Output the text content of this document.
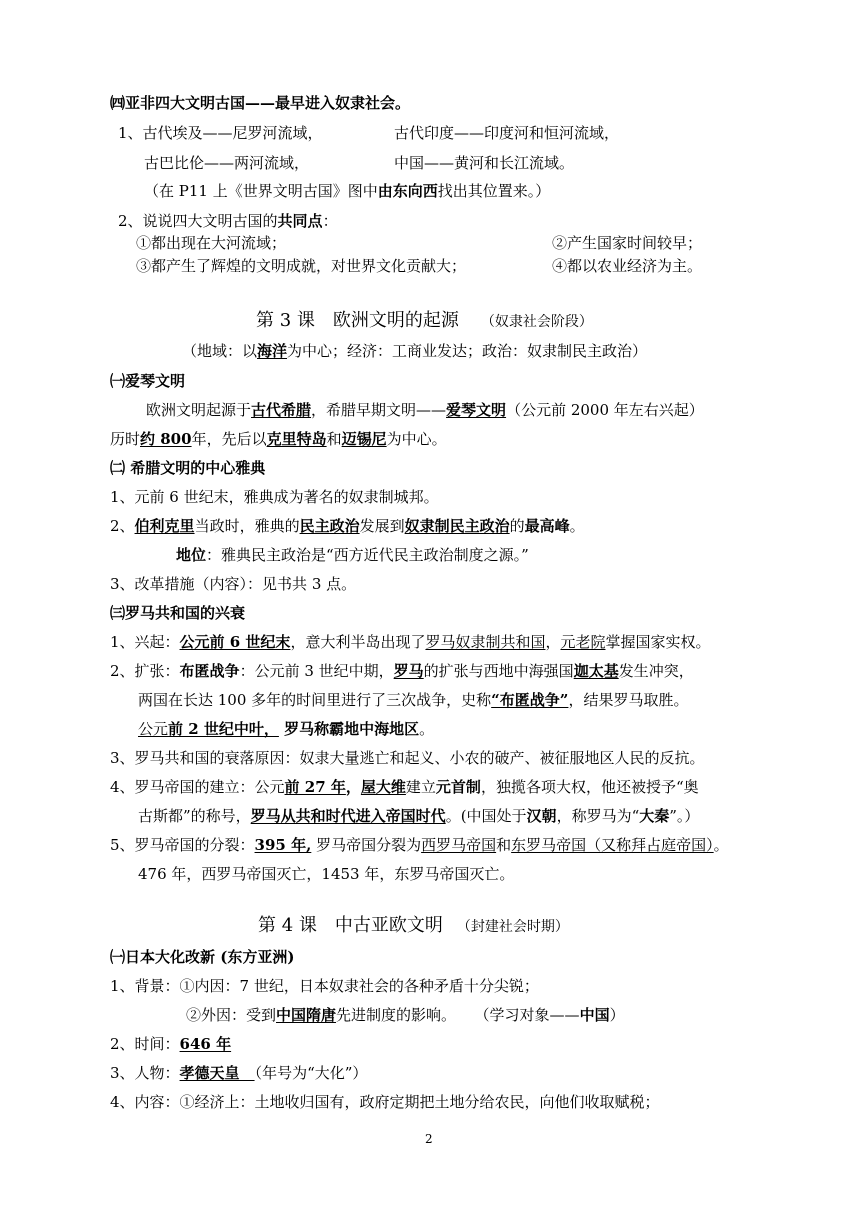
㈣亚非四大文明古国——最早进入奴隶社会。
1、古代埃及——尼罗河流域，	古代印度——印度河和恒河流域，
古巴比伦——两河流域，	中国——黄河和长江流域。
（在 P11 上《世界文明古国》图中由东向西找出其位置来。）
2、说说四大文明古国的共同点：
①都出现在大河流域；	②产生国家时间较早；
③都产生了辉煌的文明成就，对世界文化贡献大；	④都以农业经济为主。
第 3 课　欧洲文明的起源 （奴隶社会阶段）
（地域：以海洋为中心；经济：工商业发达；政治：奴隶制民主政治）
㈠爱琴文明
欧洲文明起源于古代希腊，希腊早期文明——爱琴文明（公元前 2000 年左右兴起）
历时约 800年，先后以克里特岛和迈锡尼为中心。
㈡ 希腊文明的中心雅典
1、元前 6 世纪末，雅典成为著名的奴隶制城邦。
2、伯利克里当政时，雅典的民主政治发展到奴隶制民主政治的最高峰。
地位：雅典民主政治是“西方近代民主政治制度之源。”
3、改革措施（内容）：见书共 3 点。
㈢罗马共和国的兴衰
1、兴起：公元前 6 世纪末，意大利半岛出现了罗马奴隶制共和国，元老院掌握国家实权。
2、扩张：布匿战争：公元前 3 世纪中期，罗马的扩张与西地中海强国迦太基发生冲突，
两国在长达 100 多年的时间里进行了三次战争，史称“布匿战争”，结果罗马取胜。
公元前 2 世纪中叶， 罗马称霸地中海地区。
3、罗马共和国的衰落原因：奴隶大量逃亡和起义、小农的破产、被征服地区人民的反抗。
4、罗马帝国的建立：公元前 27 年，屋大维建立元首制，独揽各项大权，他还被授予“奥
古斯都”的称号，罗马从共和时代进入帝国时代。(中国处于汉朝，称罗马为“大秦”。）
5、罗马帝国的分裂：395 年, 罗马帝国分裂为西罗马帝国和东罗马帝国（又称拜占庭帝国）。
476 年，西罗马帝国灭亡，1453 年，东罗马帝国灭亡。
第 4 课　中古亚欧文明 （封建社会时期）
㈠日本大化改新 (东方亚洲)
1、背景：①内因：7 世纪，日本奴隶社会的各种矛盾十分尖锐；
②外因：受到中国隋唐先进制度的影响。 （学习对象——中国）
2、时间：646 年
3、人物：孝德天皇　（年号为“大化”）
4、内容：①经济上：土地收归国有，政府定期把土地分给农民，向他们收取赋税；
2
